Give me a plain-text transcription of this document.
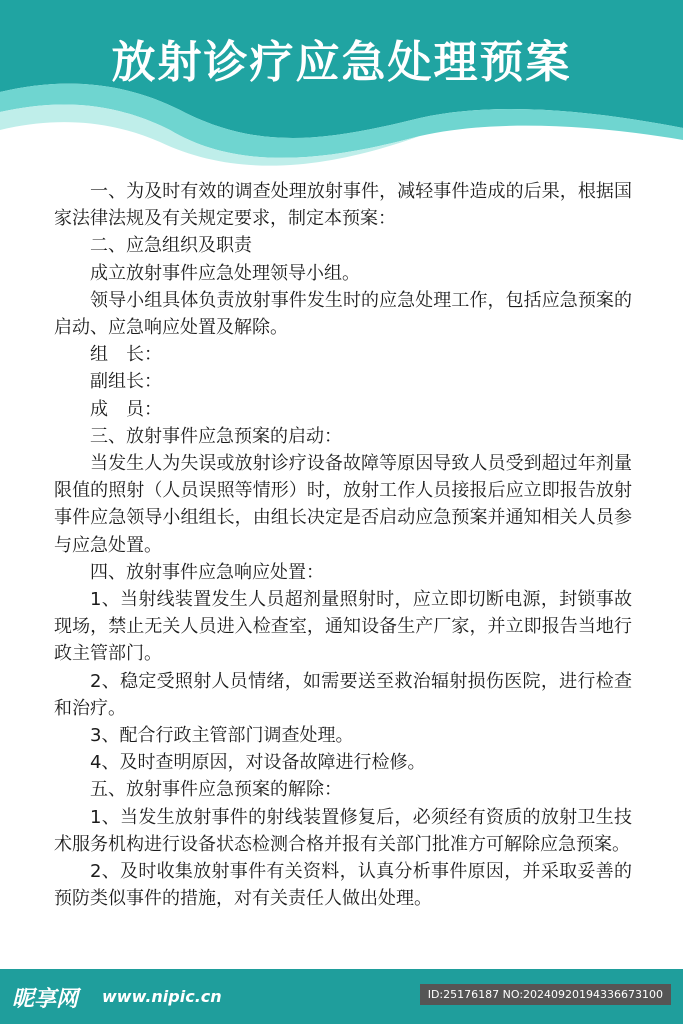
放射诊疗应急处理预案

一、为及时有效的调查处理放射事件，减轻事件造成的后果，根据国家法律法规及有关规定要求，制定本预案：

二、应急组织及职责

成立放射事件应急处理领导小组。

领导小组具体负责放射事件发生时的应急处理工作，包括应急预案的启动、应急响应处置及解除。

组　长：

副组长：

成　员：

三、放射事件应急预案的启动：

当发生人为失误或放射诊疗设备故障等原因导致人员受到超过年剂量限值的照射（人员误照等情形）时，放射工作人员接报后应立即报告放射事件应急领导小组组长，由组长决定是否启动应急预案并通知相关人员参与应急处置。

四、放射事件应急响应处置：

1、当射线装置发生人员超剂量照射时，应立即切断电源，封锁事故现场，禁止无关人员进入检查室，通知设备生产厂家，并立即报告当地行政主管部门。

2、稳定受照射人员情绪，如需要送至救治辐射损伤医院，进行检查和治疗。

3、配合行政主管部门调查处理。

4、及时查明原因，对设备故障进行检修。

五、放射事件应急预案的解除：

1、当发生放射事件的射线装置修复后，必须经有资质的放射卫生技术服务机构进行设备状态检测合格并报有关部门批准方可解除应急预案。

2、及时收集放射事件有关资料，认真分析事件原因，并采取妥善的预防类似事件的措施，对有关责任人做出处理。

昵享网 www.nipic.cn	ID:25176187 NO:20240920194336673100
